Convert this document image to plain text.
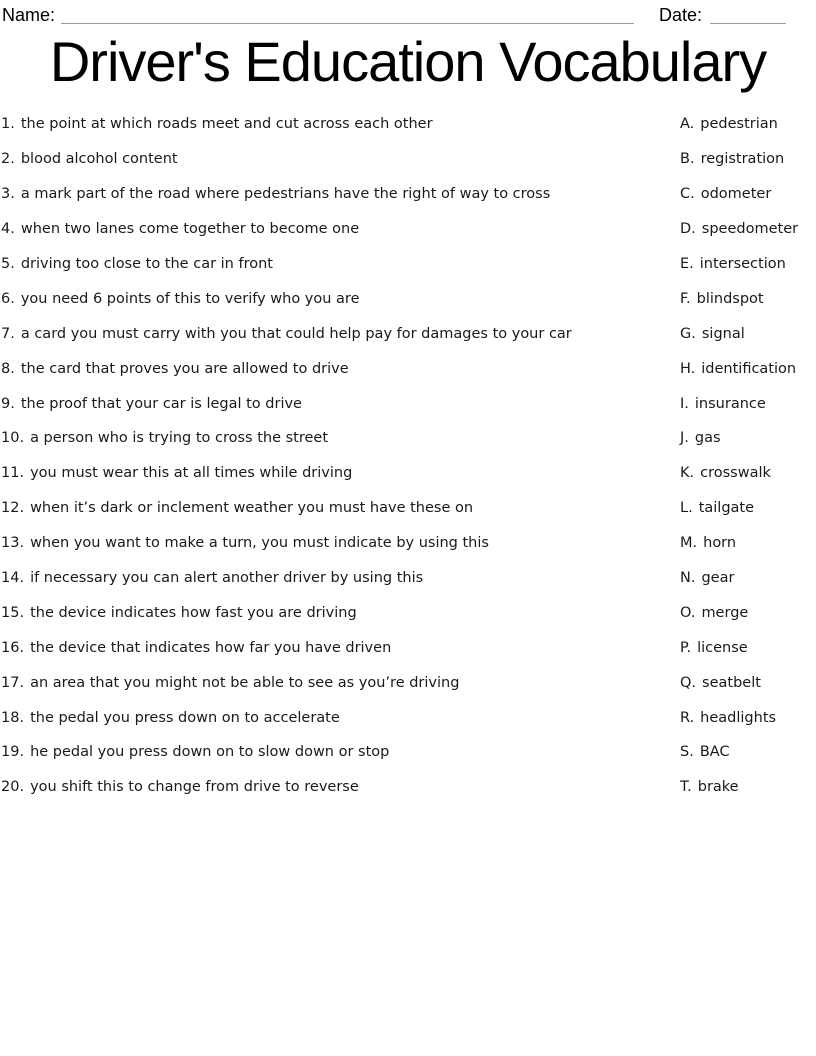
Name:	Date:
Driver's Education Vocabulary
1. the point at which roads meet and cut across each other
2. blood alcohol content
3. a mark part of the road where pedestrians have the right of way to cross
4. when two lanes come together to become one
5. driving too close to the car in front
6. you need 6 points of this to verify who you are
7. a card you must carry with you that could help pay for damages to your car
8. the card that proves you are allowed to drive
9. the proof that your car is legal to drive
10. a person who is trying to cross the street
11. you must wear this at all times while driving
12. when it’s dark or inclement weather you must have these on
13. when you want to make a turn, you must indicate by using this
14. if necessary you can alert another driver by using this
15. the device indicates how fast you are driving
16. the device that indicates how far you have driven
17. an area that you might not be able to see as you’re driving
18. the pedal you press down on to accelerate
19. he pedal you press down on to slow down or stop
20. you shift this to change from drive to reverse
A. pedestrian
B. registration
C. odometer
D. speedometer
E. intersection
F. blindspot
G. signal
H. identification
I. insurance
J. gas
K. crosswalk
L. tailgate
M. horn
N. gear
O. merge
P. license
Q. seatbelt
R. headlights
S. BAC
T. brake
